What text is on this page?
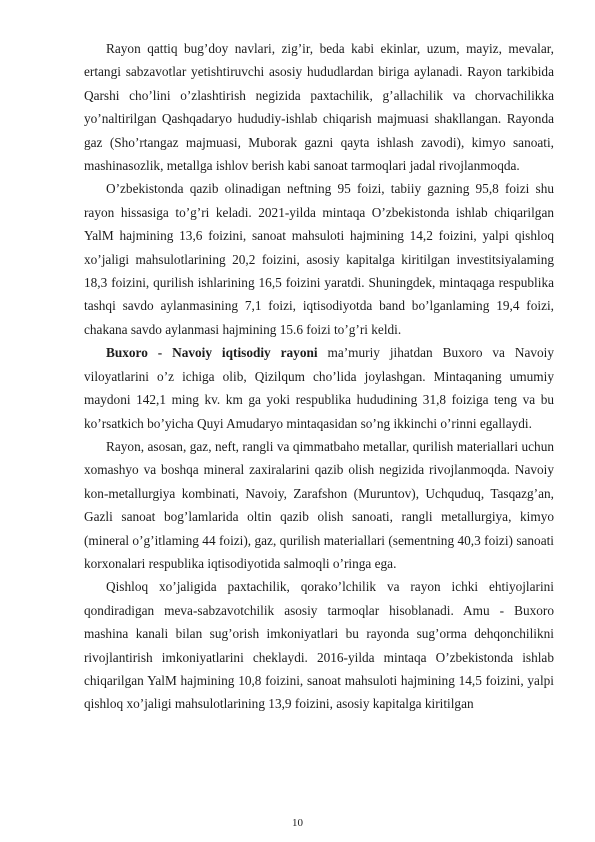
Rayon qattiq bug’doy navlari, zig’ir, beda kabi ekinlar, uzum, mayiz, mevalar, ertangi sabzavotlar yetishtiruvchi asosiy hududlardan biriga aylanadi. Rayon tarkibida Qarshi cho’lini o’zlashtirish negizida paxtachilik, g’allachilik va chorvachilikka yo’naltirilgan Qashqadaryo hududiy-ishlab chiqarish majmuasi shakllangan. Rayonda gaz (Sho’rtangaz majmuasi, Muborak gazni qayta ishlash zavodi), kimyo sanoati, mashinasozlik, metallga ishlov berish kabi sanoat tarmoqlari jadal rivojlanmoqda.

O’zbekistonda qazib olinadigan neftning 95 foizi, tabiiy gazning 95,8 foizi shu rayon hissasiga to’g’ri keladi. 2021-yilda mintaqa O’zbekistonda ishlab chiqarilgan YalM hajmining 13,6 foizini, sanoat mahsuloti hajmining 14,2 foizini, yalpi qishloq xo’jaligi mahsulotlarining 20,2 foizini, asosiy kapitalga kiritilgan investitsiyalaming 18,3 foizini, qurilish ishlarining 16,5 foizini yaratdi. Shuningdek, mintaqaga respublika tashqi savdo aylanmasining 7,1 foizi, iqtisodiyotda band bo’lganlaming 19,4 foizi, chakana savdo aylanmasi hajmining 15.6 foizi to’g’ri keldi.

Buxoro - Navoiy iqtisodiy rayoni ma’muriy jihatdan Buxoro va Navoiy viloyatlarini o’z ichiga olib, Qizilqum cho’lida joylashgan. Mintaqaning umumiy maydoni 142,1 ming kv. km ga yoki respublika hududining 31,8 foiziga teng va bu ko’rsatkich bo’yicha Quyi Amudaryo mintaqasidan so’ng ikkinchi o’rinni egallaydi.

Rayon, asosan, gaz, neft, rangli va qimmatbaho metallar, qurilish materiallari uchun xomashyo va boshqa mineral zaxiralarini qazib olish negizida rivojlanmoqda. Navoiy kon-metallurgiya kombinati, Navoiy, Zarafshon (Muruntov), Uchquduq, Tasqazg’an, Gazli sanoat bog’lamlarida oltin qazib olish sanoati, rangli metallurgiya, kimyo (mineral o’g’itlaming 44 foizi), gaz, qurilish materiallari (sementning 40,3 foizi) sanoati korxonalari respublika iqtisodiyotida salmoqli o’ringa ega.

Qishloq xo’jaligida paxtachilik, qorako’lchilik va rayon ichki ehtiyojlarini qondiradigan meva-sabzavotchilik asosiy tarmoqlar hisoblanadi. Amu - Buxoro mashina kanali bilan sug’orish imkoniyatlari bu rayonda sug’orma dehqonchilikni rivojlantirish imkoniyatlarini cheklaydi. 2016-yilda mintaqa O’zbekistonda ishlab chiqarilgan YalM hajmining 10,8 foizini, sanoat mahsuloti hajmining 14,5 foizini, yalpi qishloq xo’jaligi mahsulotlarining 13,9 foizini, asosiy kapitalga kiritilgan

10
